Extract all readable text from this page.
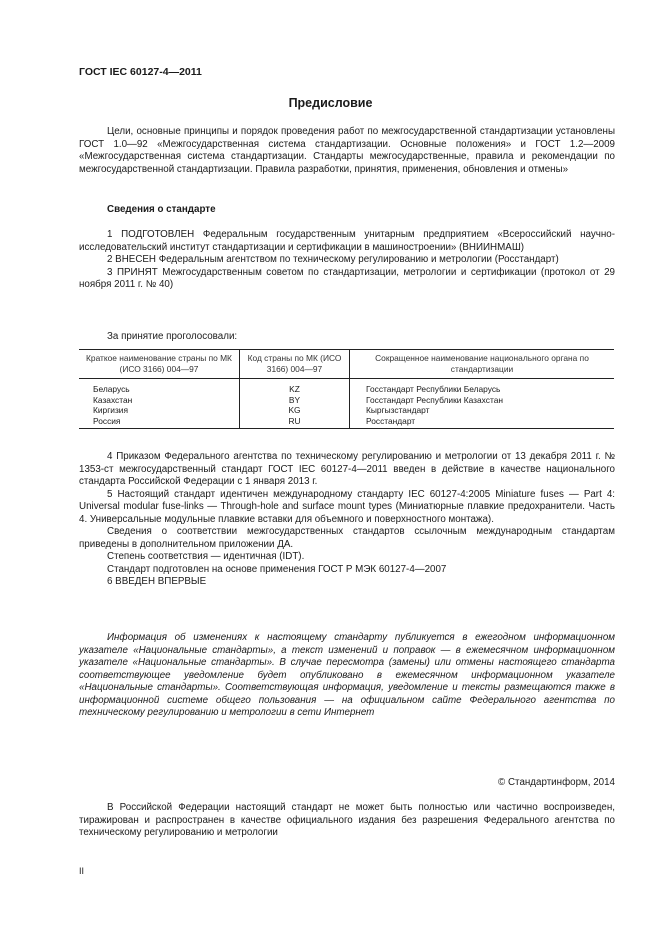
ГОСТ IEC 60127-4—2011
Предисловие

Цели, основные принципы и порядок проведения работ по межгосударственной стандартизации установлены ГОСТ 1.0—92 «Межгосударственная система стандартизации. Основные положения» и ГОСТ 1.2—2009 «Межгосударственная система стандартизации. Стандарты межгосударственные, правила и рекомендации по межгосударственной стандартизации. Правила разработки, принятия, применения, обновления и отмены»

Сведения о стандарте

1 ПОДГОТОВЛЕН Федеральным государственным унитарным предприятием «Всероссийский научно-исследовательский институт стандартизации и сертификации в машиностроении» (ВНИИНМАШ)

2 ВНЕСЕН Федеральным агентством по техническому регулированию и метрологии (Росстандарт)

3 ПРИНЯТ Межгосударственным советом по стандартизации, метрологии и сертификации (протокол от 29 ноября 2011 г. № 40)

За принятие проголосовали:
Краткое наименование страны по МК (ИСО 3166) 004—97	Код страны по МК (ИСО 3166) 004—97	Сокращенное наименование национального органа по стандартизации
Беларусь	KZ	Госстандарт Республики Беларусь
Казахстан	BY	Госстандарт Республики Казахстан
Киргизия	KG	Кыргызстандарт
Россия	RU	Росстандарт

4 Приказом Федерального агентства по техническому регулированию и метрологии от 13 декабря 2011 г. № 1353-ст межгосударственный стандарт ГОСТ IEC 60127-4—2011 введен в действие в качестве национального стандарта Российской Федерации с 1 января 2013 г.

5 Настоящий стандарт идентичен международному стандарту IEC 60127-4:2005 Miniature fuses — Part 4: Universal modular fuse-links — Through-hole and surface mount types (Миниатюрные плавкие предохранители. Часть 4. Универсальные модульные плавкие вставки для объемного и поверхностного монтажа).

Сведения о соответствии межгосударственных стандартов ссылочным международным стандартам приведены в дополнительном приложении ДА.

Степень соответствия — идентичная (IDT).

Стандарт подготовлен на основе применения ГОСТ Р МЭК 60127-4—2007

6 ВВЕДЕН ВПЕРВЫЕ

Информация об изменениях к настоящему стандарту публикуется в ежегодном информационном указателе «Национальные стандарты», а текст изменений и поправок — в ежемесячном информационном указателе «Национальные стандарты». В случае пересмотра (замены) или отмены настоящего стандарта соответствующее уведомление будет опубликовано в ежемесячном информационном указателе «Национальные стандарты». Соответствующая информация, уведомление и тексты размещаются также в информационной системе общего пользования — на официальном сайте Федерального агентства по техническому регулированию и метрологии в сети Интернет
© Стандартинформ, 2014
В Российской Федерации настоящий стандарт не может быть полностью или частично воспроизведен, тиражирован и распространен в качестве официального издания без разрешения Федерального агентства по техническому регулированию и метрологии
II
